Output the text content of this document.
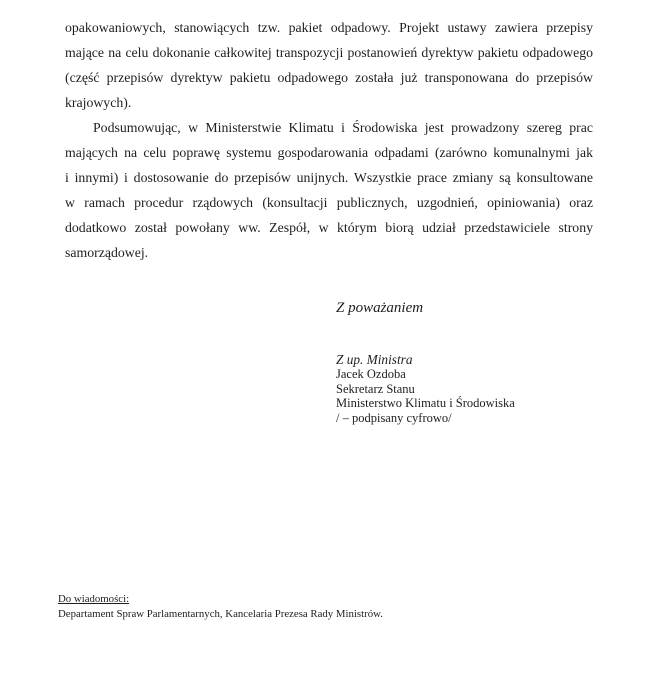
opakowaniowych, stanowiących tzw. pakiet odpadowy. Projekt ustawy zawiera przepisy
mające na celu dokonanie całkowitej transpozycji postanowień dyrektyw pakietu odpadowego
(część przepisów dyrektyw pakietu odpadowego została już transponowana do przepisów
krajowych).
Podsumowując, w Ministerstwie Klimatu i Środowiska jest prowadzony szereg prac
mających na celu poprawę systemu gospodarowania odpadami (zarówno komunalnymi jak
i innymi) i dostosowanie do przepisów unijnych. Wszystkie prace zmiany są konsultowane
w ramach procedur rządowych (konsultacji publicznych, uzgodnień, opiniowania) oraz
dodatkowo został powołany ww. Zespół, w którym biorą udział przedstawiciele strony
samorządowej.
Z poważaniem
Z up. Ministra
Jacek Ozdoba
Sekretarz Stanu
Ministerstwo Klimatu i Środowiska
/ – podpisany cyfrowo/
Do wiadomości:
Departament Spraw Parlamentarnych, Kancelaria Prezesa Rady Ministrów.
